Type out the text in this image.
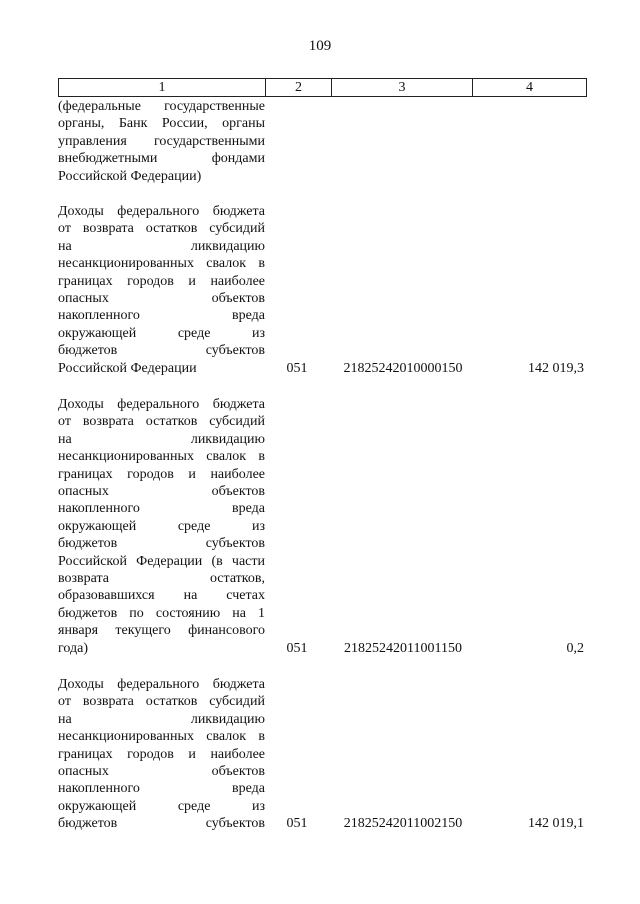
109
1	2	3	4
(федеральные государственные
органы, Банк России, органы
управления государственными
внебюджетными фондами
Российской Федерации)
Доходы федерального бюджета
от возврата остатков субсидий
на ликвидацию
несанкционированных свалок в
границах городов и наиболее
опасных объектов
накопленного вреда
окружающей среде из
бюджетов субъектов
Российской Федерации	051	21825242010000150	142 019,3
Доходы федерального бюджета
от возврата остатков субсидий
на ликвидацию
несанкционированных свалок в
границах городов и наиболее
опасных объектов
накопленного вреда
окружающей среде из
бюджетов субъектов
Российской Федерации (в части
возврата остатков,
образовавшихся на счетах
бюджетов по состоянию на 1
января текущего финансового
года)	051	21825242011001150	0,2
Доходы федерального бюджета
от возврата остатков субсидий
на ликвидацию
несанкционированных свалок в
границах городов и наиболее
опасных объектов
накопленного вреда
окружающей среде из
бюджетов субъектов	051	21825242011002150	142 019,1
